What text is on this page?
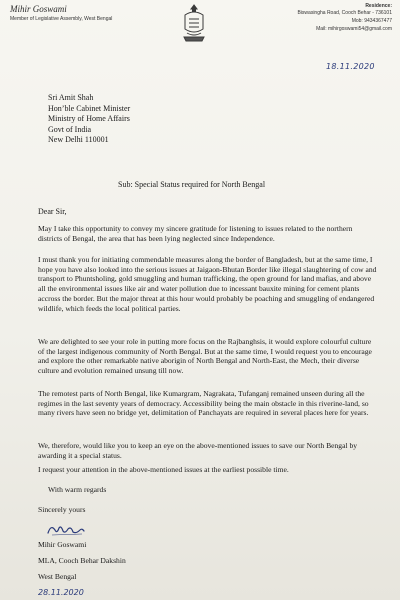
Mihir Goswami
Member of Legislative Assembly, West Bengal
Residence:
Biswasingha Road, Cooch Behar - 736101
Mob: 9434367477
Mail: mihirgoswami54@gmail.com
18.11.2020
Sri Amit Shah
Hon’ble Cabinet Minister
Ministry of Home Affairs
Govt of India
New Delhi 110001
Sub: Special Status required for North Bengal
Dear Sir,

May I take this opportunity to convey my sincere gratitude for listening to issues related to the northern districts of Bengal, the area that has been lying neglected since Independence.

I must thank you for initiating commendable measures along the border of Bangladesh, but at the same time, I hope you have also looked into the serious issues at Jaigaon-Bhutan Border like illegal slaughtering of cow and transport to Phuntsholing, gold smuggling and human trafficking, the open ground for land mafias, and above all the environmental issues like air and water pollution due to incessant bauxite mining for cement plants accross the border. But the major threat at this hour would probably be poaching and smuggling of endangered wildlife, which feeds the local political parties.

We are delighted to see your role in putting more focus on the Rajbanghsis, it would explore colourful culture of the largest indigenous community of North Bengal. But at the same time, I would request you to encourage and explore the other remarkable native aborigin of North Bengal and North-East, the Mech, their diverse culture and evolution remained unsung till now.

The remotest parts of North Bengal, like Kumargram, Nagrakata, Tufanganj remained unseen during all the regimes in the last seventy years of democracy. Accessibility being the main obstacle in this riverine-land, so many rivers have seen no bridge yet, delimitation of Panchayats are required in several places here for years.

We, therefore, would like you to keep an eye on the above-mentioned issues to save our North Bengal by awarding it a special status.

I request your attention in the above-mentioned issues at the earliest possible time.

With warm regards
Sincerely yours
Mihir Goswami
MLA, Cooch Behar Dakshin
West Bengal
28.11.2020
